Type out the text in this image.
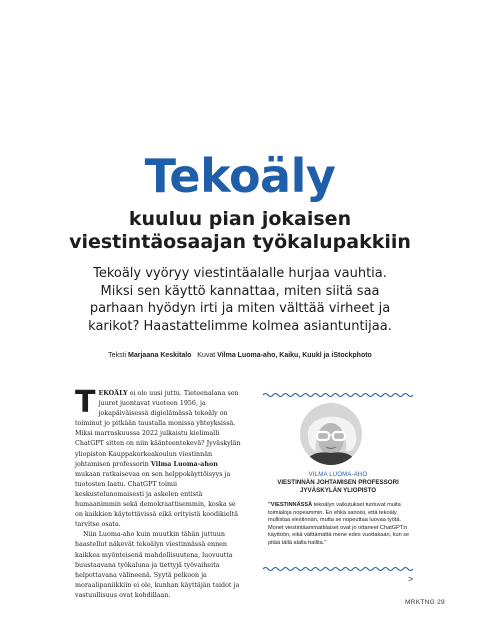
Tekoäly
kuuluu pian jokaisen
viestintäosaajan työkalupakkiin
Tekoäly vyöryy viestintäalalle hurjaa vauhtia.
Miksi sen käyttö kannattaa, miten siitä saa
parhaan hyödyn irti ja miten välttää virheet ja
karikot? Haastattelimme kolmea asiantuntijaa.
Teksti Marjaana Keskitalo Kuvat Vilma Luoma-aho, Kaiku, Kuukl ja iStockphoto

TEKOÄLY ei ole uusi juttu. Tieteenalana sen juuret juontavat vuoteen 1956, ja jokapäiväisessä digielämässä tekoäly on toiminut jo pitkään taustalla monissa yhteyksissä. Miksi marraskuussa 2022 julkaistu kielimalli ChatGPT sitten on niin käänteentekevä? Jyväskylän yliopiston Kauppakorkeakoulun viestinnän johtamisen professorin Vilma Luoma-ahon mukaan ratkaisevaa on sen helppokäyttöisyys ja tuotosten laatu. ChatGPT toimii keskustelunomaisesti ja askelen entistä humaanimmin sekä demokraattisemmin, koska se on kaikkien käytettävissä eikä erityistä koodikieltä tarvitse osata.

Niin Luoma-aho kuin muutkin tähän juttuun haastellut näkevät tekoälyn viestinnässä ennen kaikkea myönteisenä mahdollisuutena, luovuutta buustaavana työkaluna ja tiettyjä työvaiheita helpottavana välineenä. Syytä pelkoon ja moraalipaniikkiin ei ole, kunhan käyttäjän taidot ja vastuullisuus ovat kohdillaan.

VILMA LUOMA-AHO
VIESTINNÄN JOHTAMISEN PROFESSORI
JYVÄSKYLÄN YLIOPISTO
”VIESTINNÄSSÄ tekoälyn vaikutukset tuntuvat muita toimialoja nopeammin. En ehkä sanoisi, että tekoäly mullistaa viestinnän, mutta se nopeuttaa luovaa työtä. Monet viestintäammattilaiset ovat jo ottaneet ChatGPT:n käyttöön, eikä välttämättä mene edes vuottakaan, kun se pitää tällä alalla hallita.”
>
MRKTNG 29
